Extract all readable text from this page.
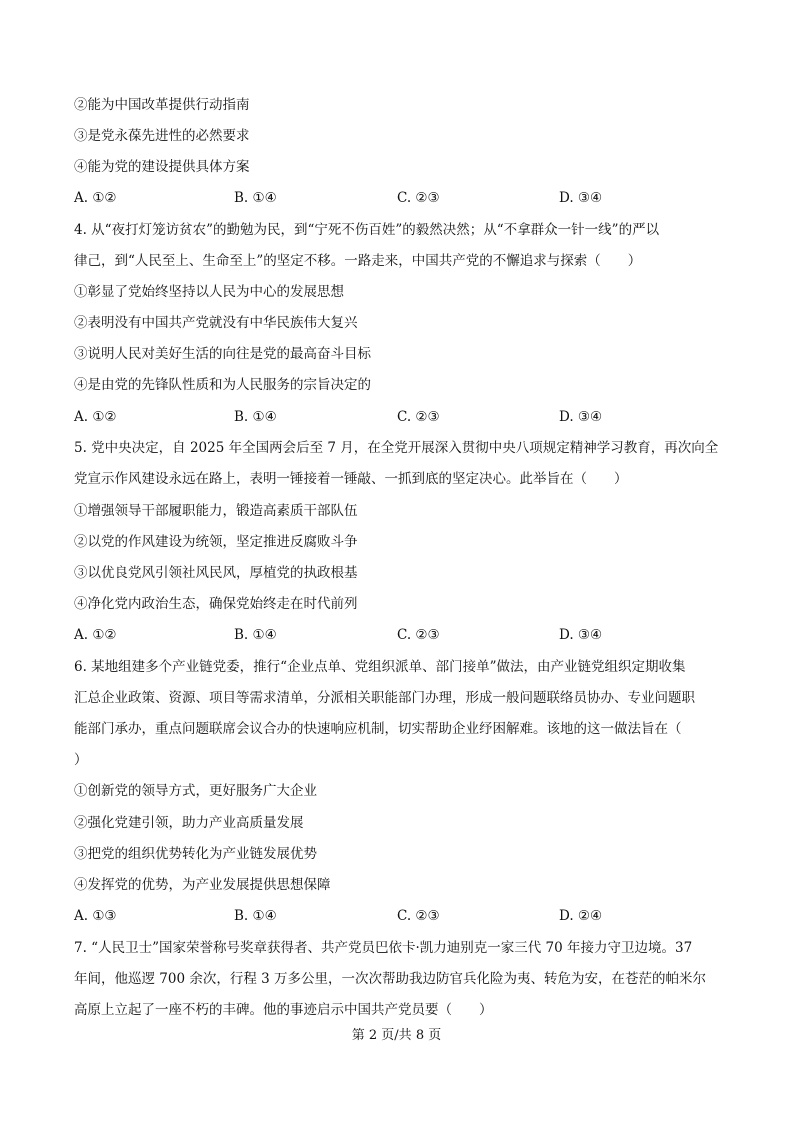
②能为中国改革提供行动指南
③是党永葆先进性的必然要求
④能为党的建设提供具体方案
A. ①②	B. ①④	C. ②③	D. ③④
4. 从“夜打灯笼访贫农”的勤勉为民，到“宁死不伤百姓”的毅然决然；从“不拿群众一针一线”的严以
律己，到“人民至上、生命至上”的坚定不移。一路走来，中国共产党的不懈追求与探索（　　）
①彰显了党始终坚持以人民为中心的发展思想
②表明没有中国共产党就没有中华民族伟大复兴
③说明人民对美好生活的向往是党的最高奋斗目标
④是由党的先锋队性质和为人民服务的宗旨决定的
A. ①②	B. ①④	C. ②③	D. ③④
5. 党中央决定，自 2025 年全国两会后至 7 月，在全党开展深入贯彻中央八项规定精神学习教育，再次向全
党宣示作风建设永远在路上，表明一锤接着一锤敲、一抓到底的坚定决心。此举旨在（　　）
①增强领导干部履职能力，锻造高素质干部队伍
②以党的作风建设为统领，坚定推进反腐败斗争
③以优良党风引领社风民风，厚植党的执政根基
④净化党内政治生态，确保党始终走在时代前列
A. ①②	B. ①④	C. ②③	D. ③④
6. 某地组建多个产业链党委，推行“企业点单、党组织派单、部门接单”做法，由产业链党组织定期收集
汇总企业政策、资源、项目等需求清单，分派相关职能部门办理，形成一般问题联络员协办、专业问题职
能部门承办，重点问题联席会议合办的快速响应机制，切实帮助企业纾困解难。该地的这一做法旨在（
）
①创新党的领导方式，更好服务广大企业
②强化党建引领，助力产业高质量发展
③把党的组织优势转化为产业链发展优势
④发挥党的优势，为产业发展提供思想保障
A. ①③	B. ①④	C. ②③	D. ②④
7. “人民卫士”国家荣誉称号奖章获得者、共产党员巴依卡·凯力迪别克一家三代 70 年接力守卫边境。37
年间，他巡逻 700 余次，行程 3 万多公里，一次次帮助我边防官兵化险为夷、转危为安，在苍茫的帕米尔
高原上立起了一座不朽的丰碑。他的事迹启示中国共产党员要（　　）
第 2 页/共 8 页
